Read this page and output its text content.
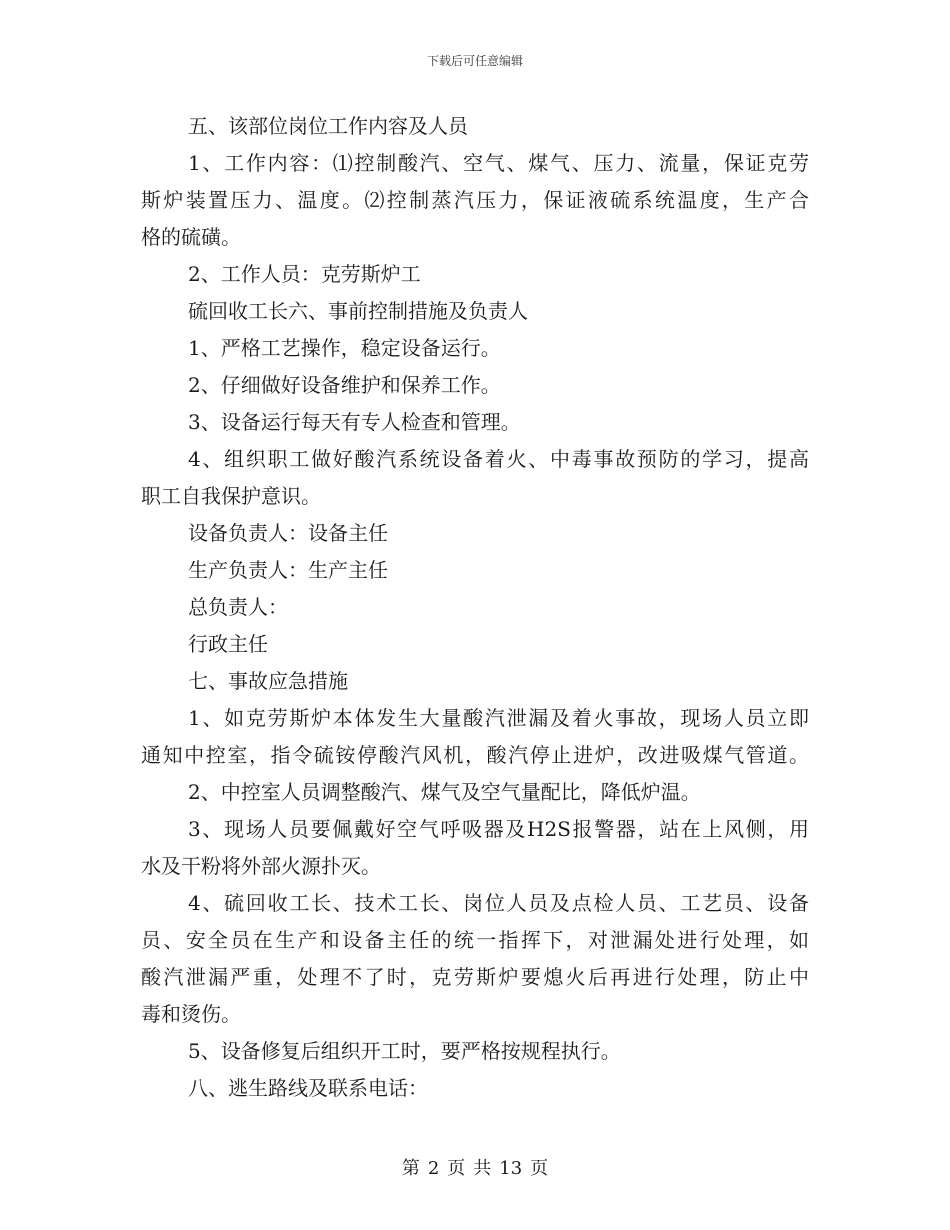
下载后可任意编辑
五、该部位岗位工作内容及人员
1、工作内容：⑴控制酸汽、空气、煤气、压力、流量，保证克劳
斯炉装置压力、温度。⑵控制蒸汽压力，保证液硫系统温度，生产合
格的硫磺。
2、工作人员：克劳斯炉工
硫回收工长六、事前控制措施及负责人
1、严格工艺操作，稳定设备运行。
2、仔细做好设备维护和保养工作。
3、设备运行每天有专人检查和管理。
4、组织职工做好酸汽系统设备着火、中毒事故预防的学习，提高
职工自我保护意识。
设备负责人：设备主任
生产负责人：生产主任
总负责人：
行政主任
七、事故应急措施
1、如克劳斯炉本体发生大量酸汽泄漏及着火事故，现场人员立即
通知中控室，指令硫铵停酸汽风机，酸汽停止进炉，改进吸煤气管道。
2、中控室人员调整酸汽、煤气及空气量配比，降低炉温。
3、现场人员要佩戴好空气呼吸器及H2S报警器，站在上风侧，用
水及干粉将外部火源扑灭。
4、硫回收工长、技术工长、岗位人员及点检人员、工艺员、设备
员、安全员在生产和设备主任的统一指挥下，对泄漏处进行处理，如
酸汽泄漏严重，处理不了时，克劳斯炉要熄火后再进行处理，防止中
毒和烫伤。
5、设备修复后组织开工时，要严格按规程执行。
八、逃生路线及联系电话：
第 2 页 共 13 页
